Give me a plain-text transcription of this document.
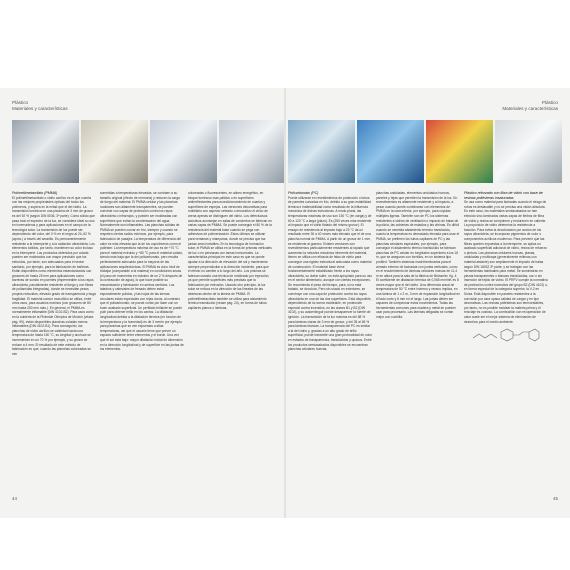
Plástico
Materiales y características
Polimetilmetacrilato (PMMA)

El polimetilmetacrilato o vidrio acrílico es el que cuenta con las mejores propiedades ópticas del todos los polímeros, y supera en la mitad que el del vidrio. La transmisión lumínica en una plancha de 3 mm de grosor es del 92 % (según DIN 5036, 3ª parte). Como sólido que pasa todo el espectro de la luz, se considera ideal su uso en invernaderos y para aplicaciones en el campo de la tecnología solar. La transmisión de luz puede ser, dependiendo del color, del 0 % en el negro al 24–92 % (apróx.) a través del amarillo. Es permanentemente resistente a la intemperie y a la radiación ultravioleta. Los elementos tubillos, por tanto, mantienen su color incluso en la intemperie. Los productos obtenidos por colada pueden ser moldeados con mayor precisión que los extruidos, por tanto, son adecuados para el sector sanitario, por ejemplo, para la fabricación de bañeras. Están disponibles como elementos estandarizados con grosores de hasta 25 mm para aplicaciones como barreras de sonido en puentes (impermeable a los rayos ultravioleta, parcialmente resistente al fuego y con fibras de poliamidas integradas), donde se necesitan pesos propios reducidos, elevado grado de transparencia y buga fragilidad. El material común monolítico se utiliza, entre otros usos, para acuarios marinos (con grosores de 80 mm hasta 250 mm más.). En general, el PMMA es normalmente inflamable (DIN 4102-B2). Para usos como en la cubierta de la Pirámide Olímpica de Munich (véase pág. 99), están disponibles planchas coladas menos inflamables (DIN 4102-B1). Para conseguirlo, las planchas de vidrio acrílico se calientan hasta una temperatura de hasta 150 °C, su longitud y anchura se incrementan en un 70 % por ejemplo, y su grosor se reduce a 4 mm. El resultado de este método de fabricación es que, cuando las planchas coloreadas se ven

sometidas a temperaturas elevadas, se contraen a su tamaño original (efecto de memoria) y reducen la carga de fuego del material. El PMMA celular y las planchas nodulares son altamente transparentes, se pueden coextruir con capas de protección contra los rayos ultravioleta o infrarrojos, y pueden ser moldeadas con superficies que evitan la condensación del agua. Normalmente son inflamables. Las planchas sólidas de PMMA se pueden curvar en frío, siempre y cuando se respeten ciertos radios mínimos, por ejemplo, para fabricación de pasajes. La temperatura de diferencia del calor es más elevada que la de los copolímeros como el poliéster. La temperatura máxima de uso es de +70 °C para el material extruido y +80 °C para el material colado, siendo más baja que la del policarbonato, pero resulta perfectamente adecuado para la mayoría de las aplicaciones arquitectónicas. El PMMA es duro: fácil de trabajar (comparable a la madera) en condiciones secas (el paso de momentos en máximo de un 2 % después de la contracción de agua), lo que hace posible su mecanización y fabricación en ambos sentidos. Los taladros y cabezales de fresado deben estar especialmente pulidos, y las hojas de las sierras circulares están especiales con rejas duros; al contrario que el policarbonato, se puede cortar por láser con un buen acabado superficial. Un perfilado brillante se puede pulir para obtener brillo en los cantos. La dilatación longitudinal debida a la dilatación térmica (en funcion de la temperatura y la humedad) es de 3 mm/m por ejemplo para planchas que se ven expuestas a altas temperaturas, así que el usuario tiene que prever un espacio suficiente entre elementos y el borde. Una vez que el sol está bajo: mayor dilatación inicial de dimensión en la dirección longitudinal y de superficie en las juntas de los elementos.

coloreadas o fluorescentes, en alineo energético, en bloque luminoso mas pálidos o en superficies antirreflectantes para acondicionamiento de cuartos y superficies de espejos. Las versiones decorativas para mobiliario con aspecto veteado o decorativo el chico de arena apenas se distinguen del vidrio. Los defectuosos acústicos aconsejan en salas de conciertos se fabrican en varias capas de PMMA. Se puede conseguir el 80 % de la resistencia del material base cuando se pega con adhesivos de polimerización. Estos últimos se utilizan para ventanas y mamparas, donde se precisa que las juntas sean invisibles. En la tecnología de formación solar, el PMMA se utiliza en la forma de prismas verticales de luz o en persianas con lamas horizontales. La característica principal en este caso es que se puede ajustar a la dirección de elevación del sol y mantenerse siempre perpendicular a la dirección incidente, para que el efecto no cambie a lo largo del año. Los prismas se fabrican usando una técnica de moldeado por inyección, ya que permite superficies más precisas que la fabricación por extrusión. Usando otro principio, la luz solar se enfoca en la dirección de las lineales de las aberturas dentro de la lámina de PMMA. El polimetilmetacrilato también se utiliza para aislamiento térmico translúcido (véase pág. 24), en forma de tubos capilares planos o láminas.

44
Plástico
Materiales y características
Policarbonato (PC)

Puede utilizarse en revestimientos de protección o tubos de paredes curvadas en frío, debido a su gran estabilidad térmica e inalterabilidad como resultado de la influencia mecánica de dichas estructuras. A modo plural, las temperaturas máximas de uso son 150 °C (en carga) y de 60 a 120 °C a larga (plazo). Es (250 veces más resistente al impacto que el vidrio flotado del mismo grosor). El ensayo de resistencia al impacto bajo a 23 °C da un resultado entre 30 a 40 veces más elevado que el de una plancha normal de PMMA. A partir de un grosor de 1 mm, es resistente al granizo. Existen versiones con revestimientos particularmente resistentes al rayado que aumentan la robustez mecánica inherente del material, tienen se utiliza con eficacia de falso de vidrio para conseguir una rigidez estructural adecuada como material de construcción. El material base viene fundamentalmente estabilizado frente a los rayos ultravioleta, su dorlar sufre, no está apropiado para su uso en el sector alimentario, aunque con ciertas excepciones. Se recomienda el peso del tiempo, para, si no está tratado, se decolora. Pero sin usado en exteriores, se coextruye con una capa de protección contra los rayos ultravioleta en una de las dos superficies. Está disponible, dependiendo de la norma moldeable, en protección especial contra incendios, en las clases B1 y B2 (DIN 4102), y su autoextinguir puede desaparecer la fuente de ignición. La transmisión de la luz máxima es del 88 % para láminas claras de 3 mm de grosor, y del 35 al 65 % para láminas blancas. La transparencia del PC es similar a la del vidrio y, gracias a un alto grado de brillo superficial, puede transmitir una gran profundidad de color en estados de transparencia, translúcidos y opacos. Entre los productos semiacabados disponibles se encuentran planchas celulares huecas,

planchas onduladas, elementos ondulados huecos, paneles y tejas que permiten la transmisión de la luz. En revestimientos es altamente resistente y al impacto, a pesar cuando puede combinarse con elementos de PMMA en la cara inferior, por ejemplo, para cúpulas múltiples ligeras. También son de PC los sistemas resistentes a vidrios de ventilación o impacto de balas de la policía, las cubiertas de estadios y las vitrinas. Es difícil cuando se necesita aislamiento térmico translúcido, cuanto la temperatura es demasiado elevada para usar el PMMA, se prefieren los tubos capilares de PC y las planchas celulares especiales, por ejemplo, para conseguir el aislamiento térmico translúcido se fabrican planchas de PC celular en longitudes superiores a los 18 m, que se aseguran con tornillos, en un sistema tipo profiled. También sistemas machihembrados para el armado exterior de fachadas con juntas verticales, como en el recubrimiento de láminas celulares huecas de 11,4 m en altura para la sala de la fábrica de Brüsseler, fig. 4. El coeficiente de dilatación térmica de 0,065 mm/mK es 8 veces mayor que el del vidrio. Una diferencia anual de temperatura de 50 °C entre invierno y verano implica, en una lámina de 1 x 2 m, 3 mm de expansión longitudinal en el lado corto y 6 mm en el largo. Las juntas deben ser capaces de compensar estos movimientos. Todas las herramientas comunes para madera y metal se pueden usar para procesarlo. Las láminas delgadas se cortan mejor con cuchilla.

Plástico reforzado con fibra de vidrio con base de resinas poliésteras insaturadas

Se usa como material para fachadas cuando el riesgo de robos es destacable y no se precisa una visión absoluta. En este caso, los materiales semiacabados se han extruido sino laminados varias capas de fieltros de fibra de vidrio y resina se comprimen y endurecen en caliente. La proporción de vidrio determina la resistencia a tracción. Para evitar la decoloración por acción de los rayos ultravioleta, se incorporan pigmentos de color o componentes acrílicos modernos. Para prevenir que las fibras queden expuestas a la intemperie, se aplica un acabado superficial adicional de vidrio, resina de refuerzo o pintura. Las planchas celulares huecas, planas, onduladas y multicapa (generalmente rellenas con material aislante) son ampliamente el impacto de balas según DIN 18032 3ª parte, y se trabajan con las herramientas habituales para metal. Se suministran en piezas transparentes o blancas translúcidas, con o sin inserción de tejido de vidrio. El PRFV cumple la normativa de protección contra incendios del grupo B2 (DIN 4102) o, en forma especial de la categoría superior, la V-2 en Suiza. Está disponible en paneles resistentes a la corrosión por cara opaca calidad de cargar y en tipo decorativas. Las resinas poliésteras son termoestables, por tanto, no es posible moldear la materia prima y el reciclaje es costoso. La combustión con recuperación de calor suele ser el mejor sistema de eliminación de desechos para el medio ambiente.

45
